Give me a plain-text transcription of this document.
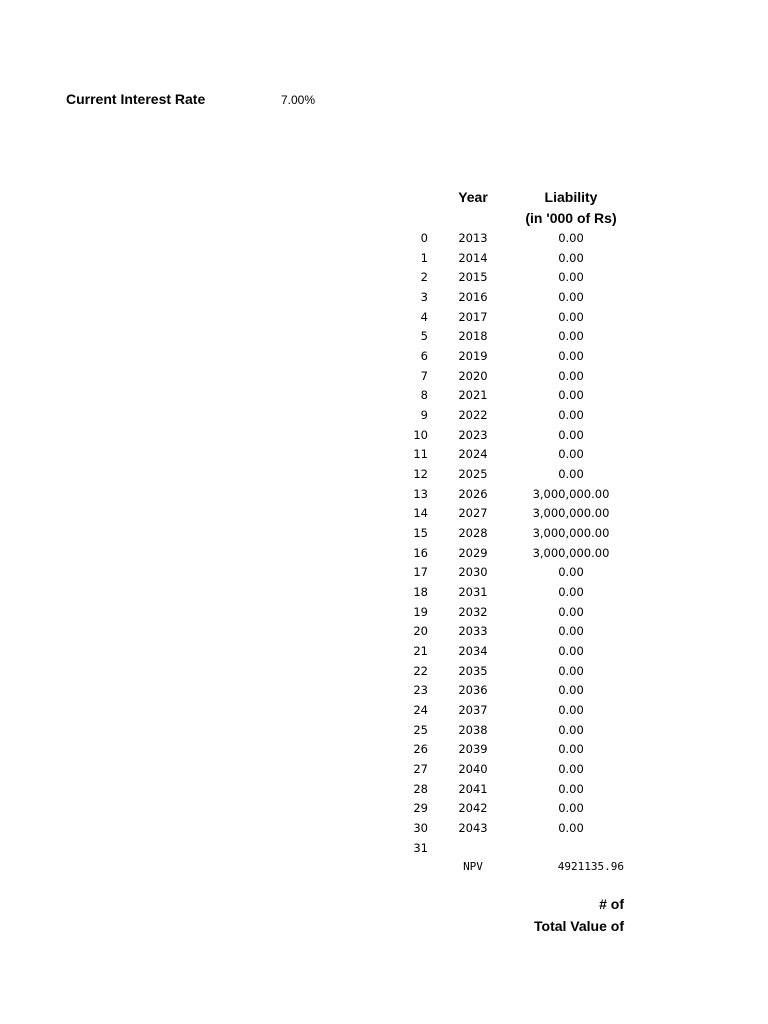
Current Interest Rate	7.00%
Year	Liability
(in '000 of Rs)
0	2013	0.00
1	2014	0.00
2	2015	0.00
3	2016	0.00
4	2017	0.00
5	2018	0.00
6	2019	0.00
7	2020	0.00
8	2021	0.00
9	2022	0.00
10	2023	0.00
11	2024	0.00
12	2025	0.00
13	2026	3,000,000.00
14	2027	3,000,000.00
15	2028	3,000,000.00
16	2029	3,000,000.00
17	2030	0.00
18	2031	0.00
19	2032	0.00
20	2033	0.00
21	2034	0.00
22	2035	0.00
23	2036	0.00
24	2037	0.00
25	2038	0.00
26	2039	0.00
27	2040	0.00
28	2041	0.00
29	2042	0.00
30	2043	0.00
31
NPV	4921135.96
# of
Total Value of
